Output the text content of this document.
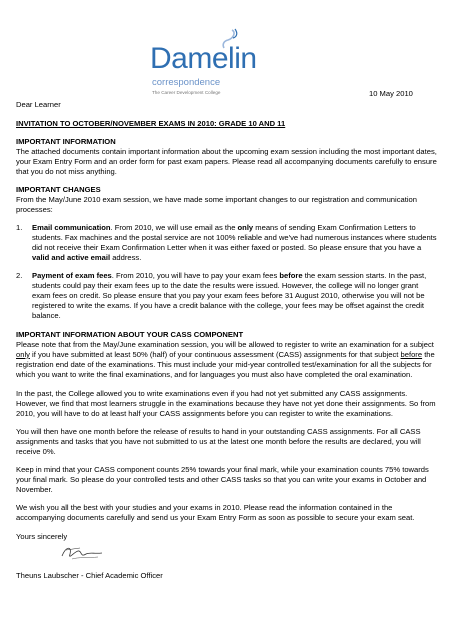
Damelin
correspondence
The Career Development College	10 May 2010

Dear Learner

INVITATION TO OCTOBER/NOVEMBER EXAMS IN 2010: GRADE 10 AND 11

IMPORTANT INFORMATION

The attached documents contain important information about the upcoming exam session including the most important dates, your Exam Entry Form and an order form for past exam papers. Please read all accompanying documents carefully to ensure that you do not miss anything.

IMPORTANT CHANGES

From the May/June 2010 exam session, we have made some important changes to our registration and communication processes:

1. Email communication. From 2010, we will use email as the only means of sending Exam Confirmation Letters to students. Fax machines and the postal service are not 100% reliable and we've had numerous instances where students did not receive their Exam Confirmation Letter when it was either faxed or posted. So please ensure that you have a valid and active email address.
2. Payment of exam fees. From 2010, you will have to pay your exam fees before the exam session starts. In the past, students could pay their exam fees up to the date the results were issued. However, the college will no longer grant exam fees on credit. So please ensure that you pay your exam fees before 31 August 2010, otherwise you will not be registered to write the exams. If you have a credit balance with the college, your fees may be offset against the credit balance.

IMPORTANT INFORMATION ABOUT YOUR CASS COMPONENT

Please note that from the May/June examination session, you will be allowed to register to write an examination for a subject only if you have submitted at least 50% (half) of your continuous assessment (CASS) assignments for that subject before the registration end date of the examinations. This must include your mid-year controlled test/examination for all the subjects for which you want to write the final examinations, and for languages you must also have completed the oral examination.

In the past, the College allowed you to write examinations even if you had not yet submitted any CASS assignments. However, we find that most learners struggle in the examinations because they have not yet done their assignments. So from 2010, you will have to do at least half your CASS assignments before you can register to write the examinations.

You will then have one month before the release of results to hand in your outstanding CASS assignments. For all CASS assignments and tasks that you have not submitted to us at the latest one month before the results are declared, you will receive 0%.

Keep in mind that your CASS component counts 25% towards your final mark, while your examination counts 75% towards your final mark. So please do your controlled tests and other CASS tasks so that you can write your exams in October and November.

We wish you all the best with your studies and your exams in 2010. Please read the information contained in the accompanying documents carefully and send us your Exam Entry Form as soon as possible to secure your exam seat.

Yours sincerely

Theuns Laubscher - Chief Academic Officer
